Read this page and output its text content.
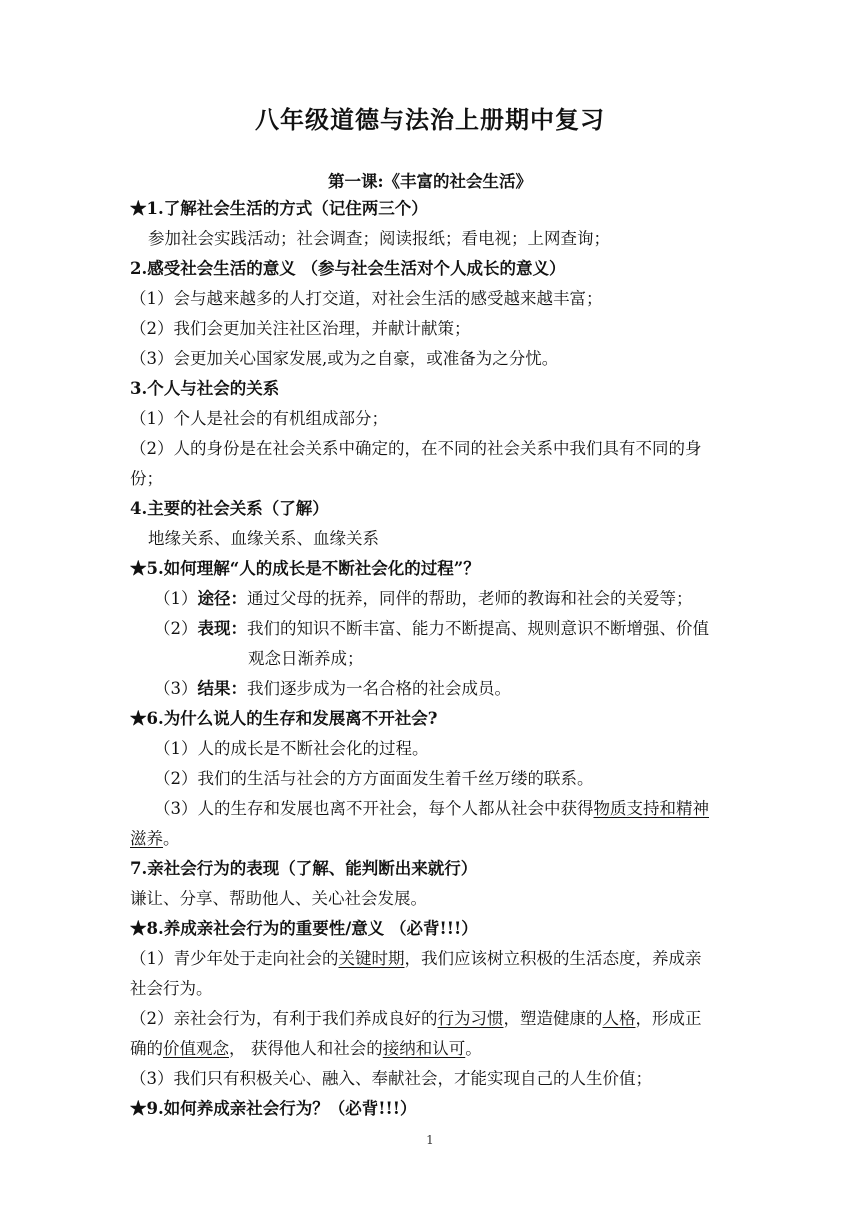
八年级道德与法治上册期中复习
第一课:《丰富的社会生活》
★1.了解社会生活的方式（记住两三个）
参加社会实践活动；社会调查；阅读报纸；看电视；上网查询；
2.感受社会生活的意义 （参与社会生活对个人成长的意义）
（1）会与越来越多的人打交道，对社会生活的感受越来越丰富；
（2）我们会更加关注社区治理，并献计献策；
（3）会更加关心国家发展,或为之自豪，或准备为之分忧。
3.个人与社会的关系
（1）个人是社会的有机组成部分；
（2）人的身份是在社会关系中确定的，在不同的社会关系中我们具有不同的身
份；
4.主要的社会关系（了解）
地缘关系、血缘关系、血缘关系
★5.如何理解“人的成长是不断社会化的过程”？
（1）途径：通过父母的抚养，同伴的帮助，老师的教诲和社会的关爱等；
（2）表现：我们的知识不断丰富、能力不断提高、规则意识不断增强、价值
观念日渐养成；
（3）结果：我们逐步成为一名合格的社会成员。
★6.为什么说人的生存和发展离不开社会?
（1）人的成长是不断社会化的过程。
（2）我们的生活与社会的方方面面发生着千丝万缕的联系。
（3）人的生存和发展也离不开社会，每个人都从社会中获得物质支持和精神
滋养。
7.亲社会行为的表现（了解、能判断出来就行）
谦让、分享、帮助他人、关心社会发展。
★8.养成亲社会行为的重要性/意义 （必背!!!）
（1）青少年处于走向社会的关键时期，我们应该树立积极的生活态度，养成亲
社会行为。
（2）亲社会行为，有利于我们养成良好的行为习惯，塑造健康的人格，形成正
确的价值观念， 获得他人和社会的接纳和认可。
（3）我们只有积极关心、融入、奉献社会，才能实现自己的人生价值；
★9.如何养成亲社会行为？（必背!!!）
1
